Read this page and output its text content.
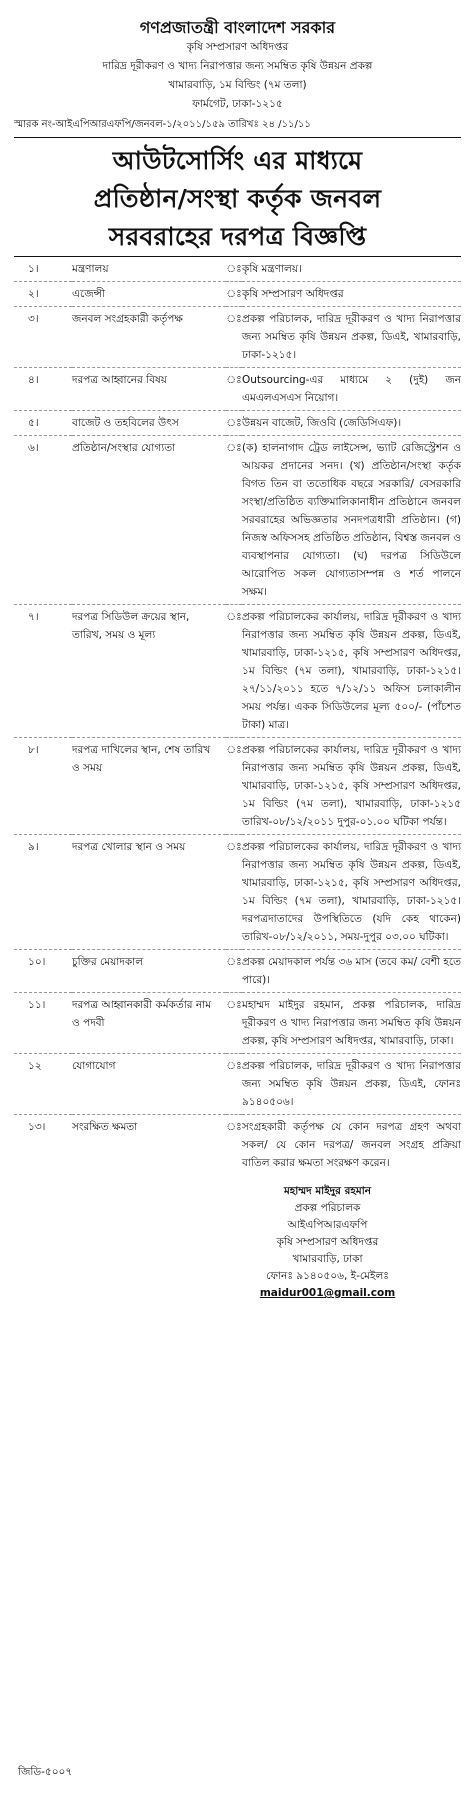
গণপ্রজাতন্ত্রী বাংলাদেশ সরকার
কৃষি সম্প্রসারণ অধিদপ্তর
দারিদ্র দূরীকরণ ও খাদ্য নিরাপত্তার জন্য সমম্বিত কৃষি উন্নয়ন প্রকল্প
খামারবাড়ি, ১ম বিল্ডিং (৭ম তলা)
ফার্মগেট, ঢাকা-১২১৫
স্মারক নং-আইএপিআরএফপি/জনবল-১/২০১১/১৫৯ তারিখঃ ২৪ /১১/১১
আউটসোর্সিং এর মাধ্যমে
প্রতিষ্ঠান/সংস্থা কর্তৃক জনবল
সরবরাহের দরপত্র বিজ্ঞপ্তি
১।	মন্ত্রণালয়	ঃ	কৃষি মন্ত্রণালয়।
২।	এজেন্সী	ঃ	কৃষি সম্প্রসারণ অধিদপ্তর
৩।	জনবল সংগ্রহকারী কর্তৃপক্ষ	ঃ	প্রকল্প পরিচালক, দারিদ্র দূরীকরণ ও খাদ্য নিরাপত্তার জন্য সমম্বিত কৃষি উন্নয়ন প্রকল্প, ডিএই, খামারবাড়ি, ঢাকা-১২১৫।
৪।	দরপত্র আহ্বানের বিষয়	ঃ	Outsourcing-এর মাধ্যমে ২ (দুই) জন এমএলএসএস নিয়োগ।
৫।	বাজেট ও তহবিলের উৎস	ঃ	উন্নয়ন বাজেট, জিওবি (জেডিসিএফ)।
৬।	প্রতিষ্ঠান/সংস্থার যোগ্যতা	ঃ	(ক) হালনাগাদ ট্রেড লাইসেন্স, ভ্যাট রেজিস্ট্রেশন ও আয়কর প্রদানের সনদ। (খ) প্রতিষ্ঠান/সংস্থা কর্তৃক বিগত তিন বা ততোধিক বছরে সরকারি/ বেসরকারি সংস্থা/প্রতিষ্ঠিত ব্যক্তিমালিকানাধীন প্রতিষ্ঠানে জনবল সরবরাহের অভিজ্ঞতার সনদপত্রধারী প্রতিষ্ঠান। (গ) নিজস্ব অফিসসহ প্রতিষ্ঠিত প্রতিষ্ঠান, বিশ্বস্ত জনবল ও ব্যবস্থাপনার যোগ্যতা। (ঘ) দরপত্র সিডিউলে আরোপিত সকল যোগ্যতাসম্পন্ন ও শর্ত পালনে সক্ষম।
৭।	দরপত্র সিডিউল ক্রয়ের স্থান, তারিখ, সময় ও মূল্য	ঃ	প্রকল্প পরিচালকের কার্যালয়, দারিদ্র দূরীকরণ ও খাদ্য নিরাপত্তার জন্য সমম্বিত কৃষি উন্নয়ন প্রকল্প, ডিএই, খামারবাড়ি, ঢাকা-১২১৫, কৃষি সম্প্রসারণ অধিদপ্তর, ১ম বিল্ডিং (৭ম তলা), খামারবাড়ি, ঢাকা-১২১৫। ২৭/১১/২০১১ হতে ৭/১২/১১ অফিস চলাকালীন সময় পর্যন্ত। একক সিডিউলের মূল্য ৫০০/- (পাঁচশত টাকা) মাত্র।
৮।	দরপত্র দাখিলের স্থান, শেষ তারিখ ও সময়	ঃ	প্রকল্প পরিচালকের কার্যালয়, দারিদ্র দূরীকরণ ও খাদ্য নিরাপত্তার জন্য সমম্বিত কৃষি উন্নয়ন প্রকল্প, ডিএই, খামারবাড়ি, ঢাকা-১২১৫, কৃষি সম্প্রসারণ অধিদপ্তর, ১ম বিল্ডিং (৭ম তলা), খামারবাড়ি, ঢাকা-১২১৫ তারিখ-০৮/১২/২০১১ দুপুর-০১.০০ ঘটিকা পর্যন্ত।
৯।	দরপত্র খোলার স্থান ও সময়	ঃ	প্রকল্প পরিচালকের কার্যালয়, দারিদ্র দূরীকরণ ও খাদ্য নিরাপত্তার জন্য সমম্বিত কৃষি উন্নয়ন প্রকল্প, ডিএই, খামারবাড়ি, ঢাকা-১২১৫, কৃষি সম্প্রসারণ অধিদপ্তর, ১ম বিল্ডিং (৭ম তলা), খামারবাড়ি, ঢাকা-১২১৫। দরপত্রদাতাদের উপস্থিতিতে (যদি কেহ থাকেন) তারিখ-০৮/১২/২০১১, সময়-দুপুর ০৩.০০ ঘটিকা।
১০।	চুক্তির মেয়াদকাল	ঃ	প্রকল্প মেয়াদকাল পর্যন্ত ৩৬ মাস (তবে কম/ বেশী হতে পারে)।
১১।	দরপত্র আহ্বানকারী কর্মকর্তার নাম ও পদবী	ঃ	মহাম্মদ মাইদুর রহমান, প্রকল্প পরিচালক, দারিদ্র দূরীকরণ ও খাদ্য নিরাপত্তার জন্য সমম্বিত কৃষি উন্নয়ন প্রকল্প, কৃষি সম্প্রসারণ অধিদপ্তর, খামারবাড়ি, ঢাকা।
১২	যোগাযোগ	ঃ	প্রকল্প পরিচালক, দারিদ্র দূরীকরণ ও খাদ্য নিরাপত্তার জন্য সমম্বিত কৃষি উন্নয়ন প্রকল্প, ডিএই, ফোনঃ ৯১৪০৫০৬।
১৩।	সংরক্ষিত ক্ষমতা	ঃ	সংগ্রহকারী কর্তৃপক্ষ যে কোন দরপত্র গ্রহণ অথবা সকল/ যে কোন দরপত্র/ জনবল সংগ্রহ প্রক্রিয়া বাতিল করার ক্ষমতা সংরক্ষণ করেন।
মহাম্মদ মাইদুর রহমান
প্রকল্প পরিচালক
আইএপিআরএফপি
কৃষি সম্প্রসারণ অধিদপ্তর
খামারবাড়ি, ঢাকা
ফোনঃ ৯১৪০৫০৬, ই-মেইলঃ
maidur001@gmail.com
জিডি-৫০০৭
